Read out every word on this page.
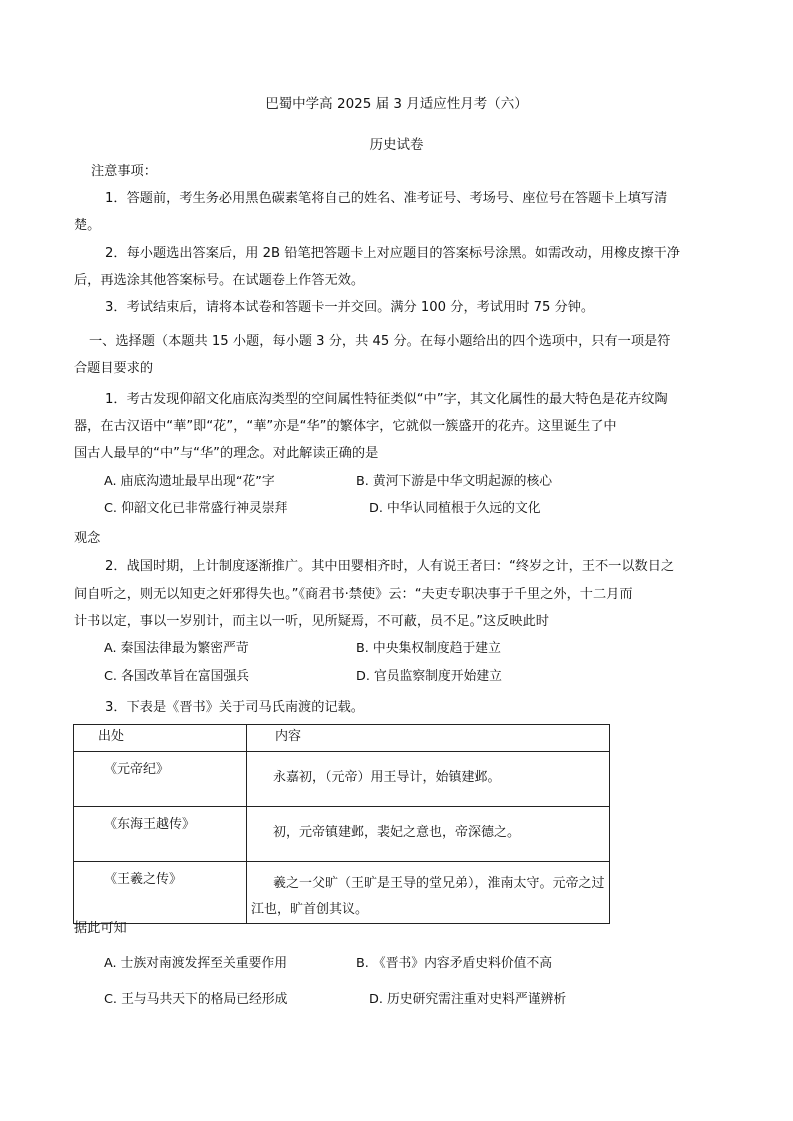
巴蜀中学高 2025 届 3 月适应性月考（六）
历史试卷
注意事项：
1．答题前，考生务必用黑色碳素笔将自己的姓名、准考证号、考场号、座位号在答题卡上填写清
楚。
2．每小题选出答案后，用 2B 铅笔把答题卡上对应题目的答案标号涂黑。如需改动，用橡皮擦干净
后，再选涂其他答案标号。在试题卷上作答无效。
3．考试结束后，请将本试卷和答题卡一并交回。满分 100 分，考试用时 75 分钟。
一、选择题（本题共 15 小题，每小题 3 分，共 45 分。在每小题给出的四个选项中，只有一项是符
合题目要求的
1．考古发现仰韶文化庙底沟类型的空间属性特征类似“中”字，其文化属性的最大特色是花卉纹陶
器，在古汉语中“華”即“花”，“華”亦是“华”的繁体字，它就似一簇盛开的花卉。这里诞生了中
国古人最早的“中”与“华”的理念。对此解读正确的是
A. 庙底沟遗址最早出现“花”字	B. 黄河下游是中华文明起源的核心
C. 仰韶文化已非常盛行神灵崇拜	D. 中华认同植根于久远的文化
观念
2．战国时期，上计制度逐渐推广。其中田婴相齐时，人有说王者曰：“终岁之计，王不一以数日之
间自听之，则无以知吏之奸邪得失也。”《商君书·禁使》云：“夫吏专职决事于千里之外，十二月而
计书以定，事以一岁别计，而主以一听，见所疑焉，不可蔽，员不足。”这反映此时
A. 秦国法律最为繁密严苛	B. 中央集权制度趋于建立
C. 各国改革旨在富国强兵	D. 官员监察制度开始建立
3．下表是《晋书》关于司马氏南渡的记载。
出处	内容

《元帝纪》	永嘉初，（元帝）用王导计，始镇建邺。

《东海王越传》	初，元帝镇建邺，裴妃之意也，帝深德之。

《王羲之传》	羲之一父旷（王旷是王导的堂兄弟），淮南太守。元帝之过江也，旷首创其议。
据此可知
A. 士族对南渡发挥至关重要作用	B. 《晋书》内容矛盾史料价值不高
C. 王与马共天下的格局已经形成	D. 历史研究需注重对史料严谨辨析
